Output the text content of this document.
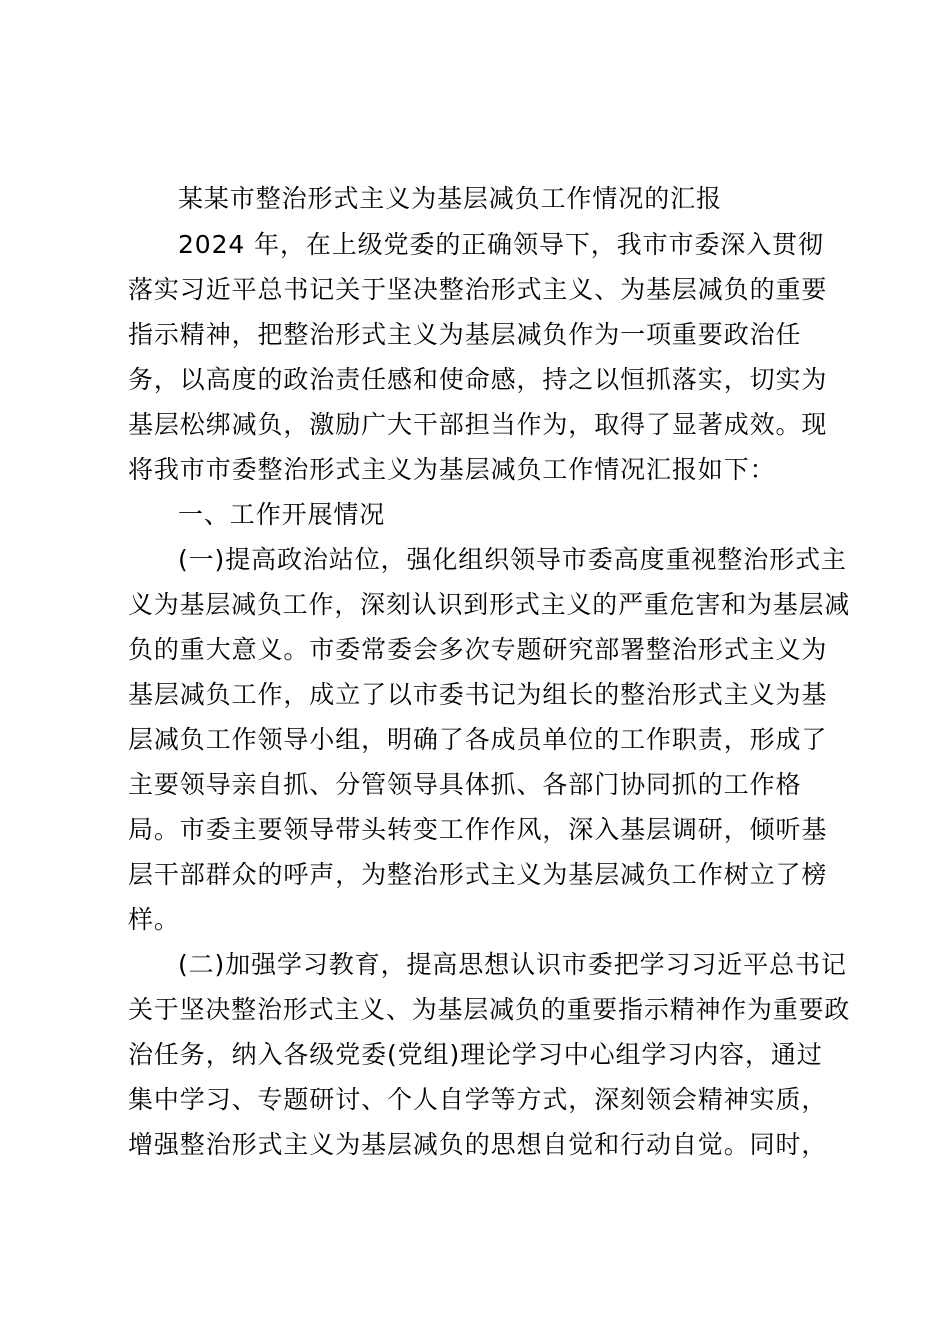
某某市整治形式主义为基层减负工作情况的汇报
2024 年，在上级党委的正确领导下，我市市委深入贯彻
落实习近平总书记关于坚决整治形式主义、为基层减负的重要
指示精神，把整治形式主义为基层减负作为一项重要政治任
务，以高度的政治责任感和使命感，持之以恒抓落实，切实为
基层松绑减负，激励广大干部担当作为，取得了显著成效。现
将我市市委整治形式主义为基层减负工作情况汇报如下：
一、工作开展情况
(一)提高政治站位，强化组织领导市委高度重视整治形式主
义为基层减负工作，深刻认识到形式主义的严重危害和为基层减
负的重大意义。市委常委会多次专题研究部署整治形式主义为
基层减负工作，成立了以市委书记为组长的整治形式主义为基
层减负工作领导小组，明确了各成员单位的工作职责，形成了
主要领导亲自抓、分管领导具体抓、各部门协同抓的工作格
局。市委主要领导带头转变工作作风，深入基层调研，倾听基
层干部群众的呼声，为整治形式主义为基层减负工作树立了榜
样。
(二)加强学习教育，提高思想认识市委把学习习近平总书记
关于坚决整治形式主义、为基层减负的重要指示精神作为重要政
治任务，纳入各级党委(党组)理论学习中心组学习内容，通过
集中学习、专题研讨、个人自学等方式，深刻领会精神实质，
增强整治形式主义为基层减负的思想自觉和行动自觉。同时，
